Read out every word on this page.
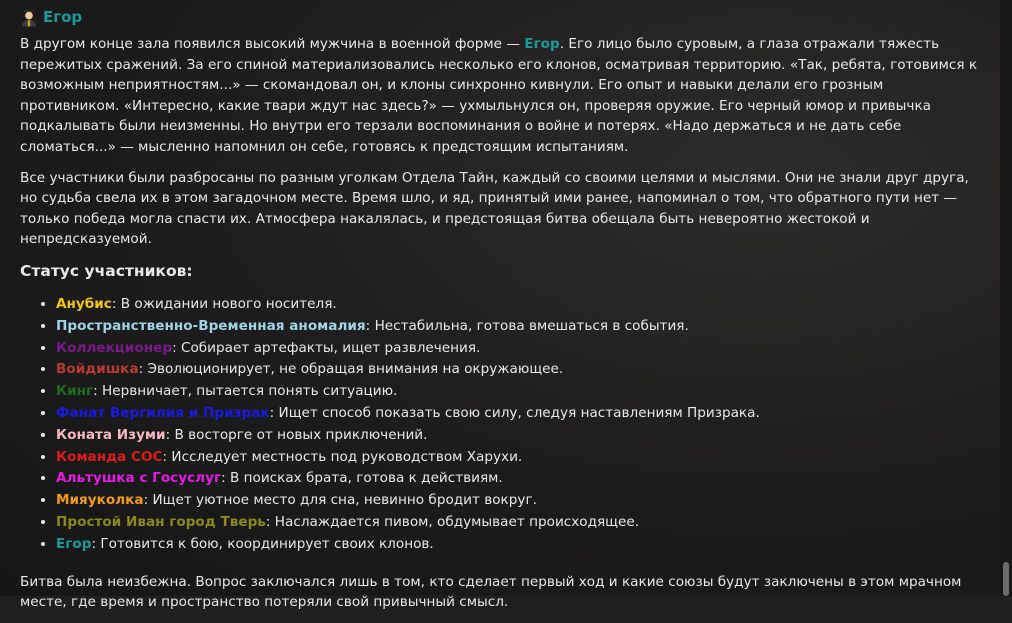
Егор

В другом конце зала появился высокий мужчина в военной форме — Егор. Его лицо было суровым, а глаза отражали тяжесть пережитых сражений. За его спиной материализовались несколько его клонов, осматривая территорию. «Так, ребята, готовимся к возможным неприятностям...» — скомандовал он, и клоны синхронно кивнули. Его опыт и навыки делали его грозным противником. «Интересно, какие твари ждут нас здесь?» — ухмыльнулся он, проверяя оружие. Его черный юмор и привычка подкалывать были неизменны. Но внутри его терзали воспоминания о войне и потерях. «Надо держаться и не дать себе сломаться...» — мысленно напомнил он себе, готовясь к предстоящим испытаниям.

Все участники были разбросаны по разным уголкам Отдела Тайн, каждый со своими целями и мыслями. Они не знали друг друга, но судьба свела их в этом загадочном месте. Время шло, и яд, принятый ими ранее, напоминал о том, что обратного пути нет — только победа могла спасти их. Атмосфера накалялась, и предстоящая битва обещала быть невероятно жестокой и непредсказуемой.

Статус участников:
• Анубис: В ожидании нового носителя.
• Пространственно-Временная аномалия: Нестабильна, готова вмешаться в события.
• Коллекционер: Собирает артефакты, ищет развлечения.
• Войдишка: Эволюционирует, не обращая внимания на окружающее.
• Кинг: Нервничает, пытается понять ситуацию.
• Фанат Вергилия и Призрак: Ищет способ показать свою силу, следуя наставлениям Призрака.
• Коната Изуми: В восторге от новых приключений.
• Команда СОС: Исследует местность под руководством Харухи.
• Альтушка с Госуслуг: В поисках брата, готова к действиям.
• Мияуколка: Ищет уютное место для сна, невинно бродит вокруг.
• Простой Иван город Тверь: Наслаждается пивом, обдумывает происходящее.
• Егор: Готовится к бою, координирует своих клонов.

Битва была неизбежна. Вопрос заключался лишь в том, кто сделает первый ход и какие союзы будут заключены в этом мрачном месте, где время и пространство потеряли свой привычный смысл.
